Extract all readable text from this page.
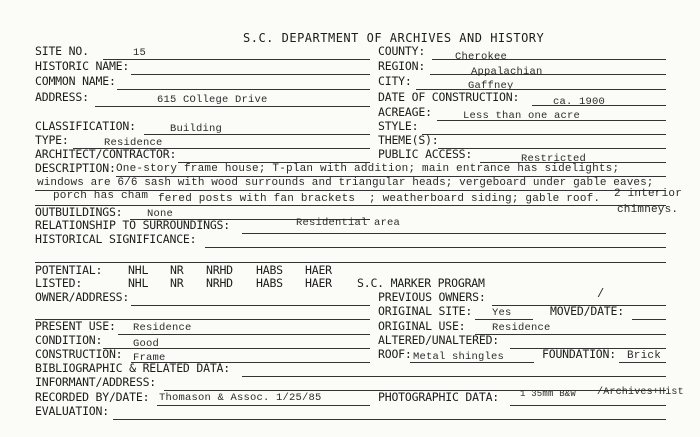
S.C. DEPARTMENT OF ARCHIVES AND HISTORY
SITE NO.	15	COUNTY:	Cherokee
HISTORIC NAME:	REGION:	Appalachian
COMMON NAME:	CITY:	Gaffney
ADDRESS:	615 COllege Drive	DATE OF CONSTRUCTION:	ca. 1900
ACREAGE:	Less than one acre
CLASSIFICATION:	Building	STYLE:
TYPE:	Residence	THEME(S):
ARCHITECT/CONTRACTOR:	PUBLIC ACCESS:	Restricted
DESCRIPTION: One-story frame house; T-plan with addition; main entrance has sidelights;
windows are 6/6 sash with wood surrounds and triangular heads; vergeboard under gable eaves;
porch has cham fered posts with fan brackets ; weatherboard siding; gable roof. 2 interior
chimneys.
OUTBUILDINGS: None
RELATIONSHIP TO SURROUNDINGS:	Residential area
HISTORICAL SIGNIFICANCE:
POTENTIAL: NHL NR NRHD HABS HAER
LISTED:	NHL NR NRHD HABS HAER S.C. MARKER PROGRAM
OWNER/ADDRESS:	PREVIOUS OWNERS:	/
ORIGINAL SITE: Yes	MOVED/DATE:
PRESENT USE: Residence	ORIGINAL USE:	Residence
CONDITION:	Good	ALTERED/UNALTERED:
CONSTRUCTION: Frame	ROOF: Metal shingles	FOUNDATION: Brick
BIBLIOGRAPHIC & RELATED DATA:
INFORMANT/ADDRESS:
RECORDED BY/DATE: Thomason & Assoc. 1/25/85	PHOTOGRAPHIC DATA: 1 35mm B&W /Archives+Hist
EVALUATION:
